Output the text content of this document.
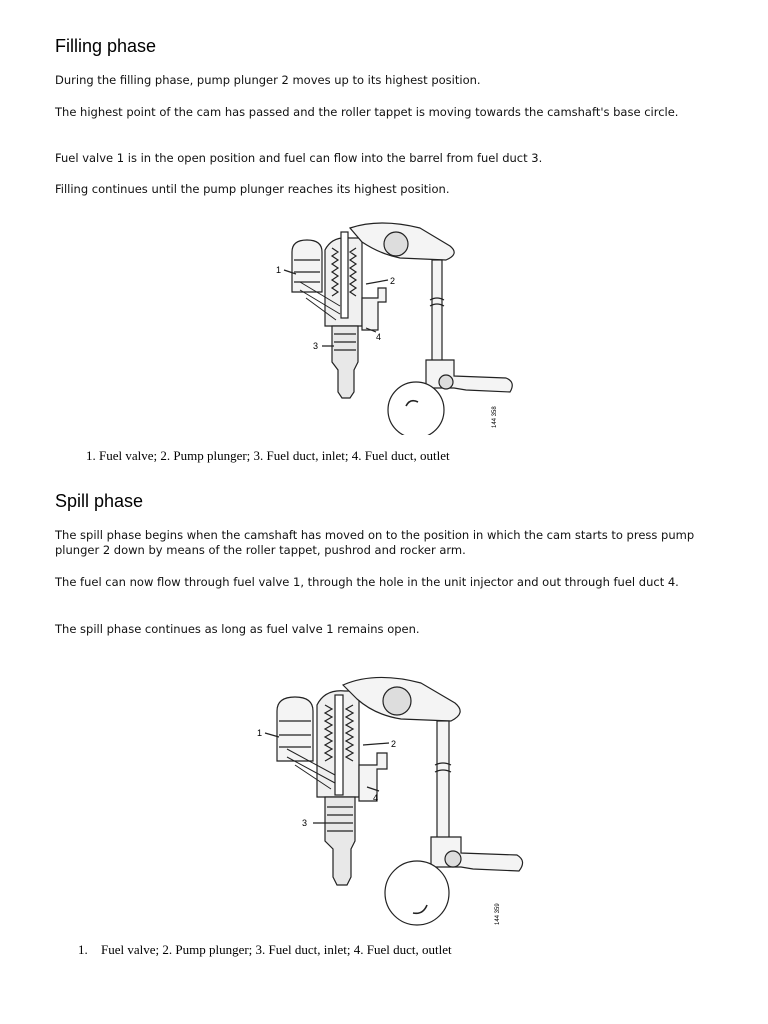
Filling phase

During the filling phase, pump plunger 2 moves up to its highest position.

The highest point of the cam has passed and the roller tappet is moving towards the camshaft's base circle.

Fuel valve 1 is in the open position and fuel can flow into the barrel from fuel duct 3.

Filling continues until the pump plunger reaches its highest position.

1
2
3
4
144 358

1. Fuel valve; 2. Pump plunger; 3. Fuel duct, inlet; 4. Fuel duct, outlet

Spill phase

The spill phase begins when the camshaft has moved on to the position in which the cam starts to press pump plunger 2 down by means of the roller tappet, pushrod and rocker arm.

The fuel can now flow through fuel valve 1, through the hole in the unit injector and out through fuel duct 4.

The spill phase continues as long as fuel valve 1 remains open.

1
2
3
4
144 359

1. Fuel valve; 2. Pump plunger; 3. Fuel duct, inlet; 4. Fuel duct, outlet
